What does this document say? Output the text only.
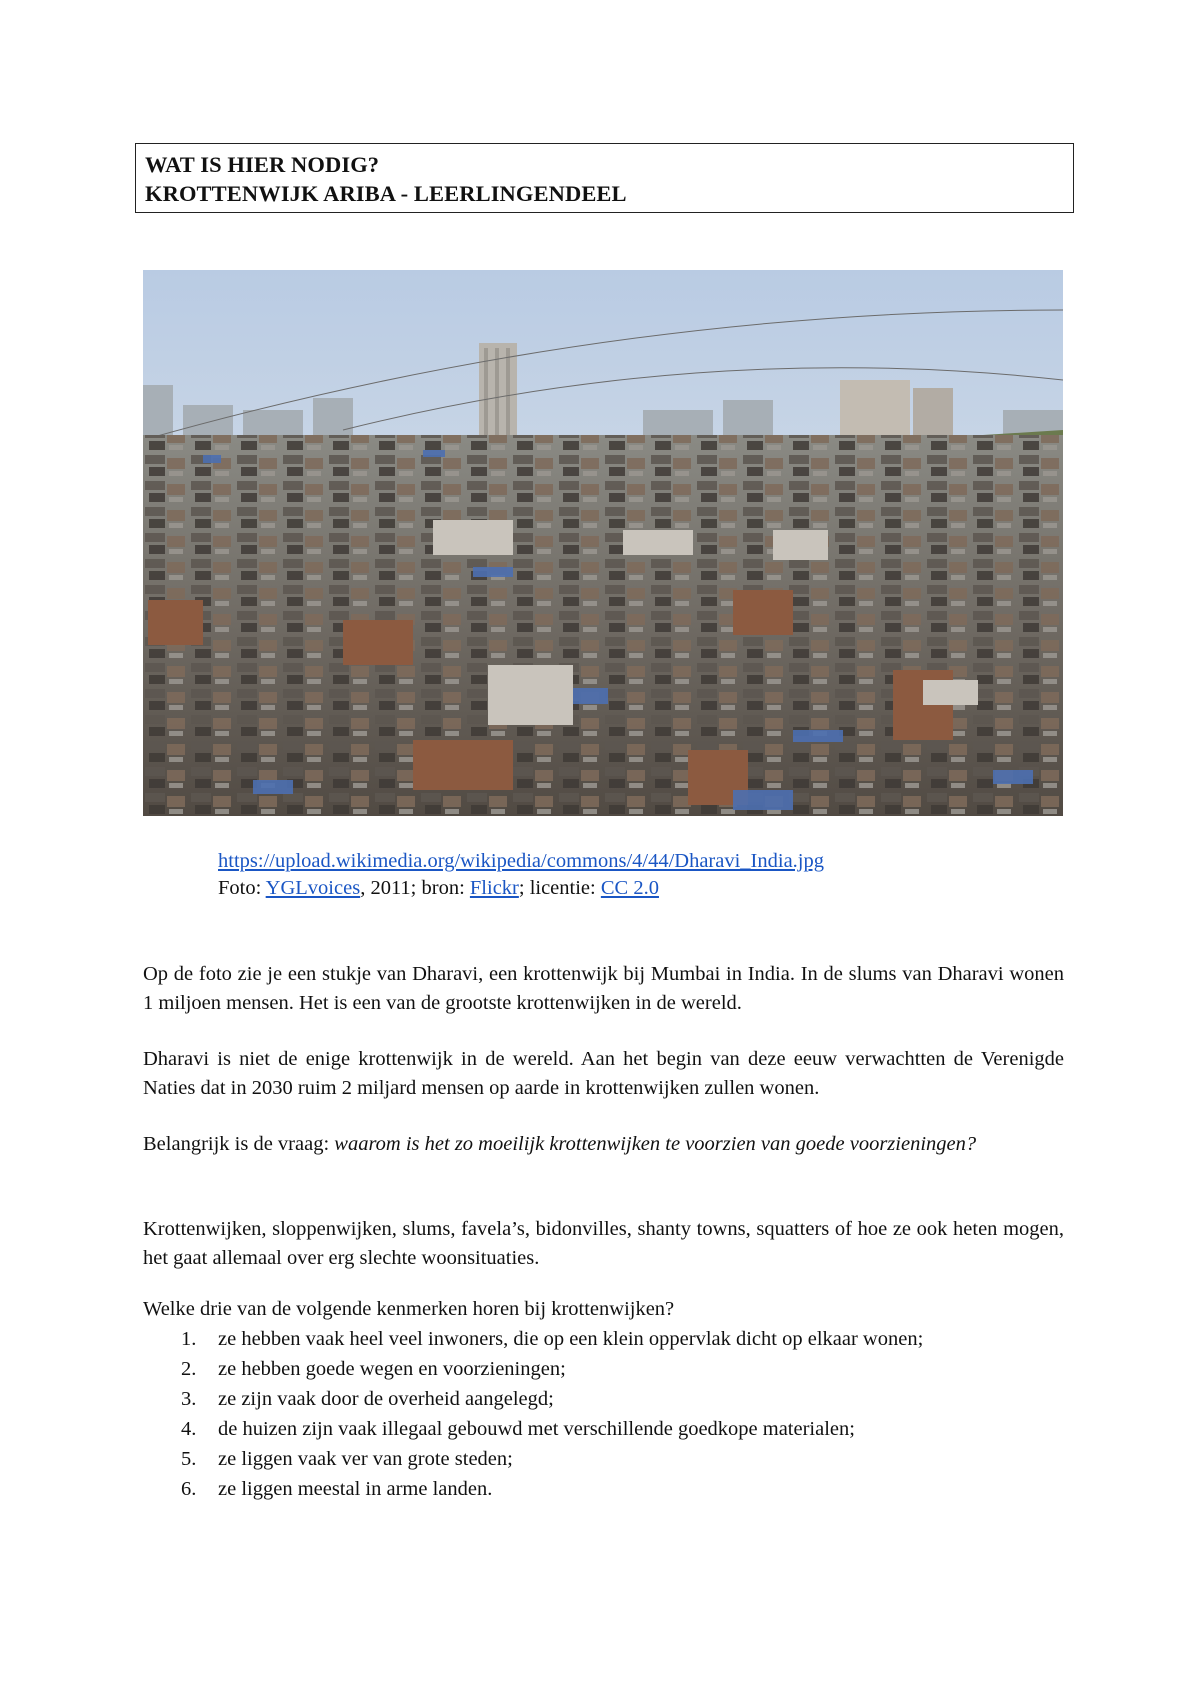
WAT IS HIER NODIG?
KROTTENWIJK ARIBA - LEERLINGENDEEL
https://upload.wikimedia.org/wikipedia/commons/4/44/Dharavi_India.jpg
Foto: YGLvoices, 2011; bron: Flickr; licentie: CC 2.0

Op de foto zie je een stukje van Dharavi, een krottenwijk bij Mumbai in India. In de slums van Dharavi wonen 1 miljoen mensen. Het is een van de grootste krottenwijken in de wereld.

Dharavi is niet de enige krottenwijk in de wereld. Aan het begin van deze eeuw verwachtten de Verenigde Naties dat in 2030 ruim 2 miljard mensen op aarde in krottenwijken zullen wonen.

Belangrijk is de vraag: waarom is het zo moeilijk krottenwijken te voorzien van goede voorzieningen?

Krottenwijken, sloppenwijken, slums, favela’s, bidonvilles, shanty towns, squatters of hoe ze ook heten mogen, het gaat allemaal over erg slechte woonsituaties.

Welke drie van de volgende kenmerken horen bij krottenwijken?

1.	ze hebben vaak heel veel inwoners, die op een klein oppervlak dicht op elkaar wonen;
2.	ze hebben goede wegen en voorzieningen;
3.	ze zijn vaak door de overheid aangelegd;
4.	de huizen zijn vaak illegaal gebouwd met verschillende goedkope materialen;
5.	ze liggen vaak ver van grote steden;
6.	ze liggen meestal in arme landen.
